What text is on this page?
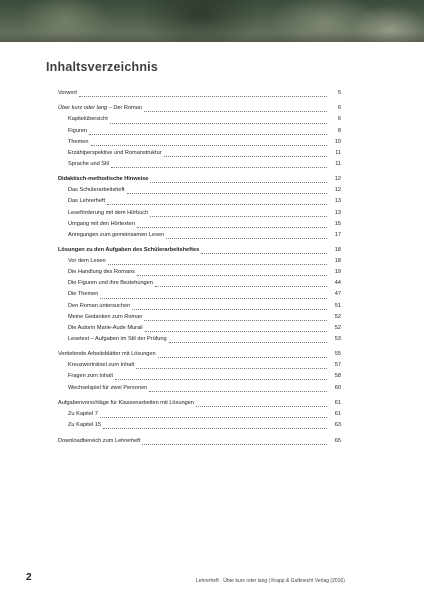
Inhaltsverzeichnis
Vorwort	5
Über kurz oder lang – Der Roman	6
Kapitelübersicht	6
Figuren	8
Themen	10
Erzählperspektive und Romanstruktur	11
Sprache und Stil	11
Didaktisch-methodische Hinweise	12
Das Schülerarbeitsheft	12
Das Lehrerheft	13
Leseförderung mit dem Hörbuch	13
Umgang mit den Hörtexten	15
Anregungen zum gemeinsamen Lesen	17
Lösungen zu den Aufgaben des Schülerarbeitsheftes	18
Vor dem Lesen	18
Die Handlung des Romans	19
Die Figuren und ihre Beziehungen	44
Die Themen	47
Den Roman untersuchen	51
Meine Gedanken zum Roman	52
Die Autorin Marie-Aude Murail	52
Lesetest – Aufgaben im Stil der Prüfung	53
Vertiefende Arbeitsblätter mit Lösungen	55
Kreuzworträtsel zum Inhalt	57
Fragen zum Inhalt	58
Wechselspiel für zwei Personen	60
Aufgabenvorschläge für Klassenarbeiten mit Lösungen	61
Zu Kapitel 7	61
Zu Kapitel 15	63
Downloadbereich zum Lehrerheft	65
2	Lehrerheft · Über kurz oder lang | Krapp & Gutknecht Verlag (2016)
